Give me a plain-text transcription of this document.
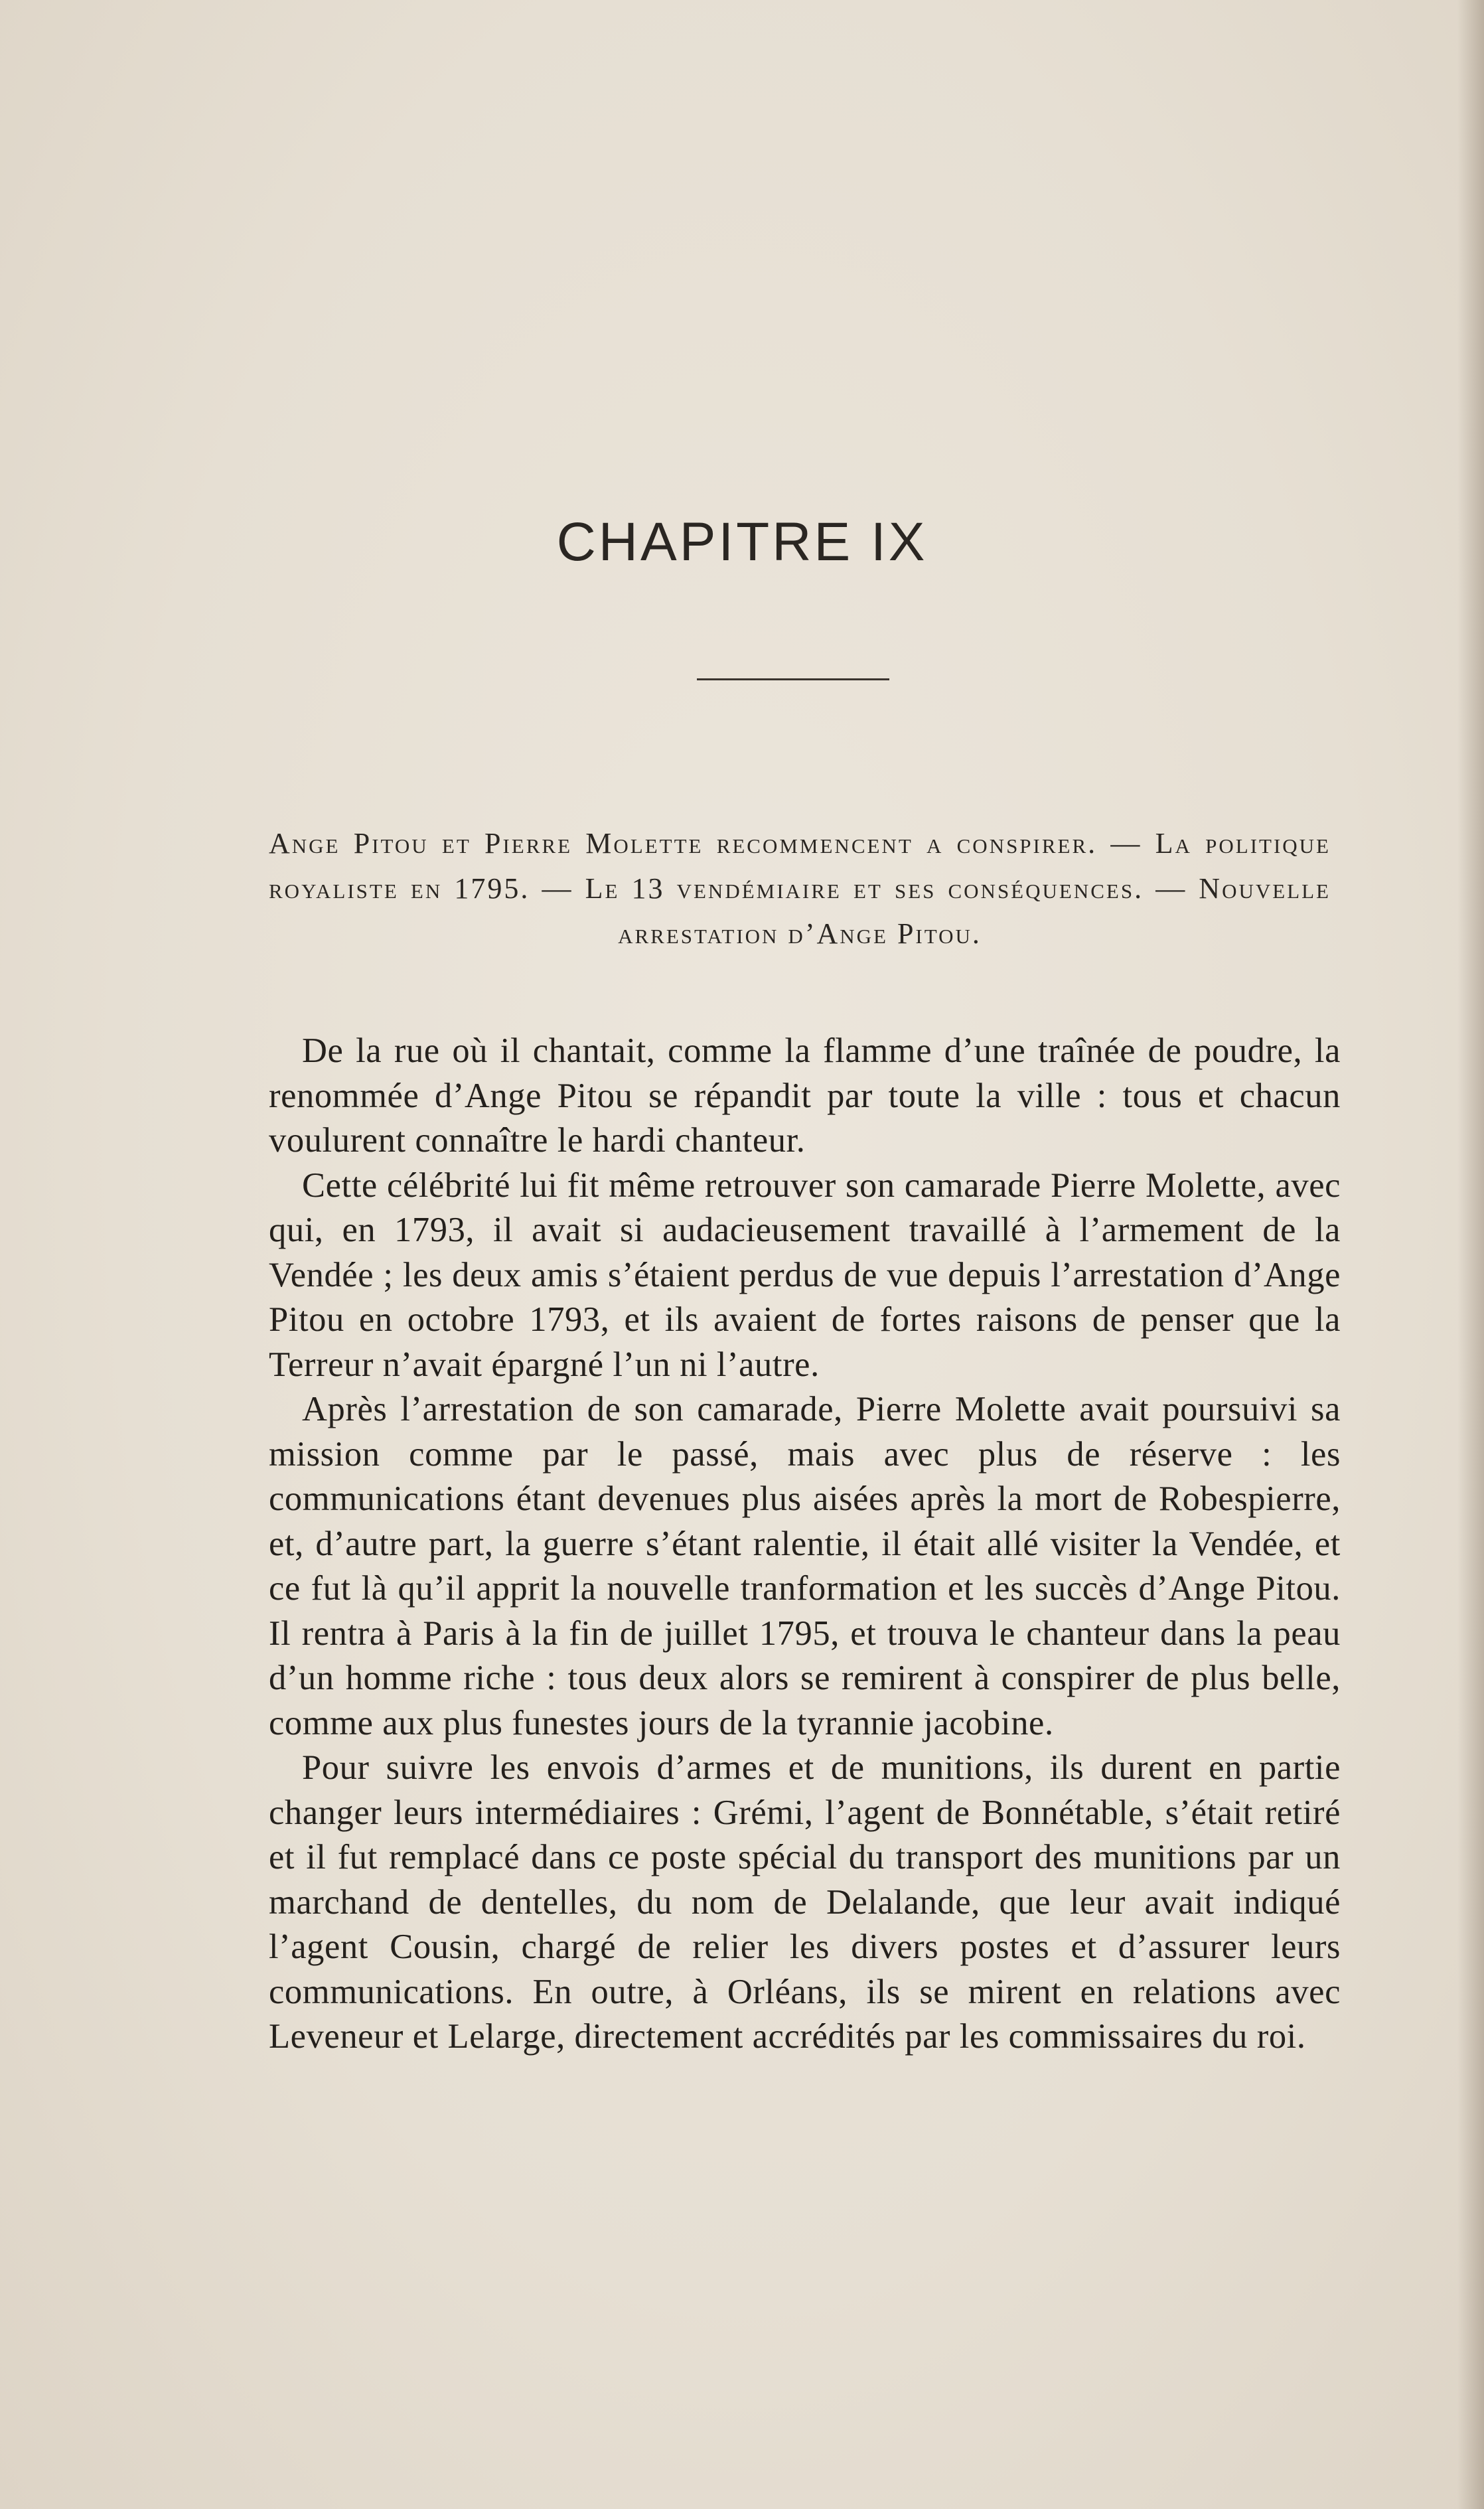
CHAPITRE IX
Ange Pitou et Pierre Molette recommencent a conspirer. — La politique royaliste en 1795. — Le 13 vendémiaire et ses conséquences. — Nouvelle arrestation d’Ange Pitou.

De la rue où il chantait, comme la flamme d’une traînée de poudre, la renommée d’Ange Pitou se répandit par toute la ville : tous et chacun voulurent connaître le hardi chanteur.

Cette célébrité lui fit même retrouver son camarade Pierre Molette, avec qui, en 1793, il avait si audacieusement travaillé à l’armement de la Vendée ; les deux amis s’étaient perdus de vue depuis l’arrestation d’Ange Pitou en octobre 1793, et ils avaient de fortes raisons de penser que la Terreur n’avait épargné l’un ni l’autre.

Après l’arrestation de son camarade, Pierre Molette avait poursuivi sa mission comme par le passé, mais avec plus de réserve : les communications étant devenues plus aisées après la mort de Robespierre, et, d’autre part, la guerre s’étant ralentie, il était allé visiter la Vendée, et ce fut là qu’il apprit la nouvelle tranformation et les succès d’Ange Pitou. Il rentra à Paris à la fin de juillet 1795, et trouva le chanteur dans la peau d’un homme riche : tous deux alors se remirent à conspirer de plus belle, comme aux plus funestes jours de la tyrannie jacobine.

Pour suivre les envois d’armes et de munitions, ils durent en partie changer leurs intermédiaires : Grémi, l’agent de Bonnétable, s’était retiré et il fut remplacé dans ce poste spécial du transport des munitions par un marchand de dentelles, du nom de Delalande, que leur avait indiqué l’agent Cousin, chargé de relier les divers postes et d’assurer leurs communications. En outre, à Orléans, ils se mirent en relations avec Leveneur et Lelarge, directement accrédités par les commissaires du roi.
